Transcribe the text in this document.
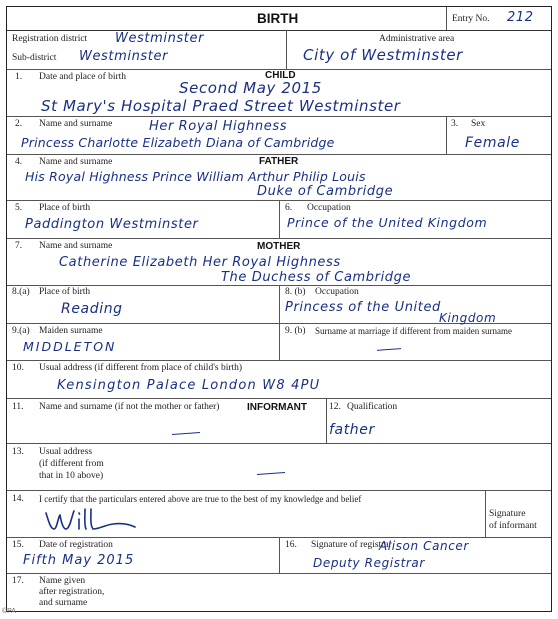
BIRTH	Entry No. 212
Registration district Westminster
Sub-district Westminster
Administrative area
City of Westminster
CHILD
1. Date and place of birth
Second May 2015
St Mary's Hospital Praed Street Westminster
2. Name and surname	Her Royal Highness
Princess Charlotte Elizabeth Diana of Cambridge
3. Sex
Female
FATHER
4. Name and surname
His Royal Highness Prince William Arthur Philip Louis
Duke of Cambridge
5. Place of birth
Paddington Westminster
6. Occupation
Prince of the United Kingdom
MOTHER
7. Name and surname
Catherine Elizabeth Her Royal Highness
The Duchess of Cambridge
8.(a) Place of birth
Reading
8. (b) Occupation
Princess of the United
Kingdom
9.(a) Maiden surname
MIDDLETON
9. (b) Surname at marriage if different from maiden surname
10. Usual address (if different from place of child's birth)
Kensington Palace London W8 4PU
INFORMANT
11. Name and surname (if not the mother or father)	12. Qualification
father
13. Usual address
(if different from
that in 10 above)
14. I certify that the particulars entered above are true to the best of my knowledge and belief
Signature
of informant
15. Date of registration
Fifth May 2015
16. Signature of registrar
Alison Cancer
Deputy Registrar
17. Name given
after registration,
and surname
©PA
